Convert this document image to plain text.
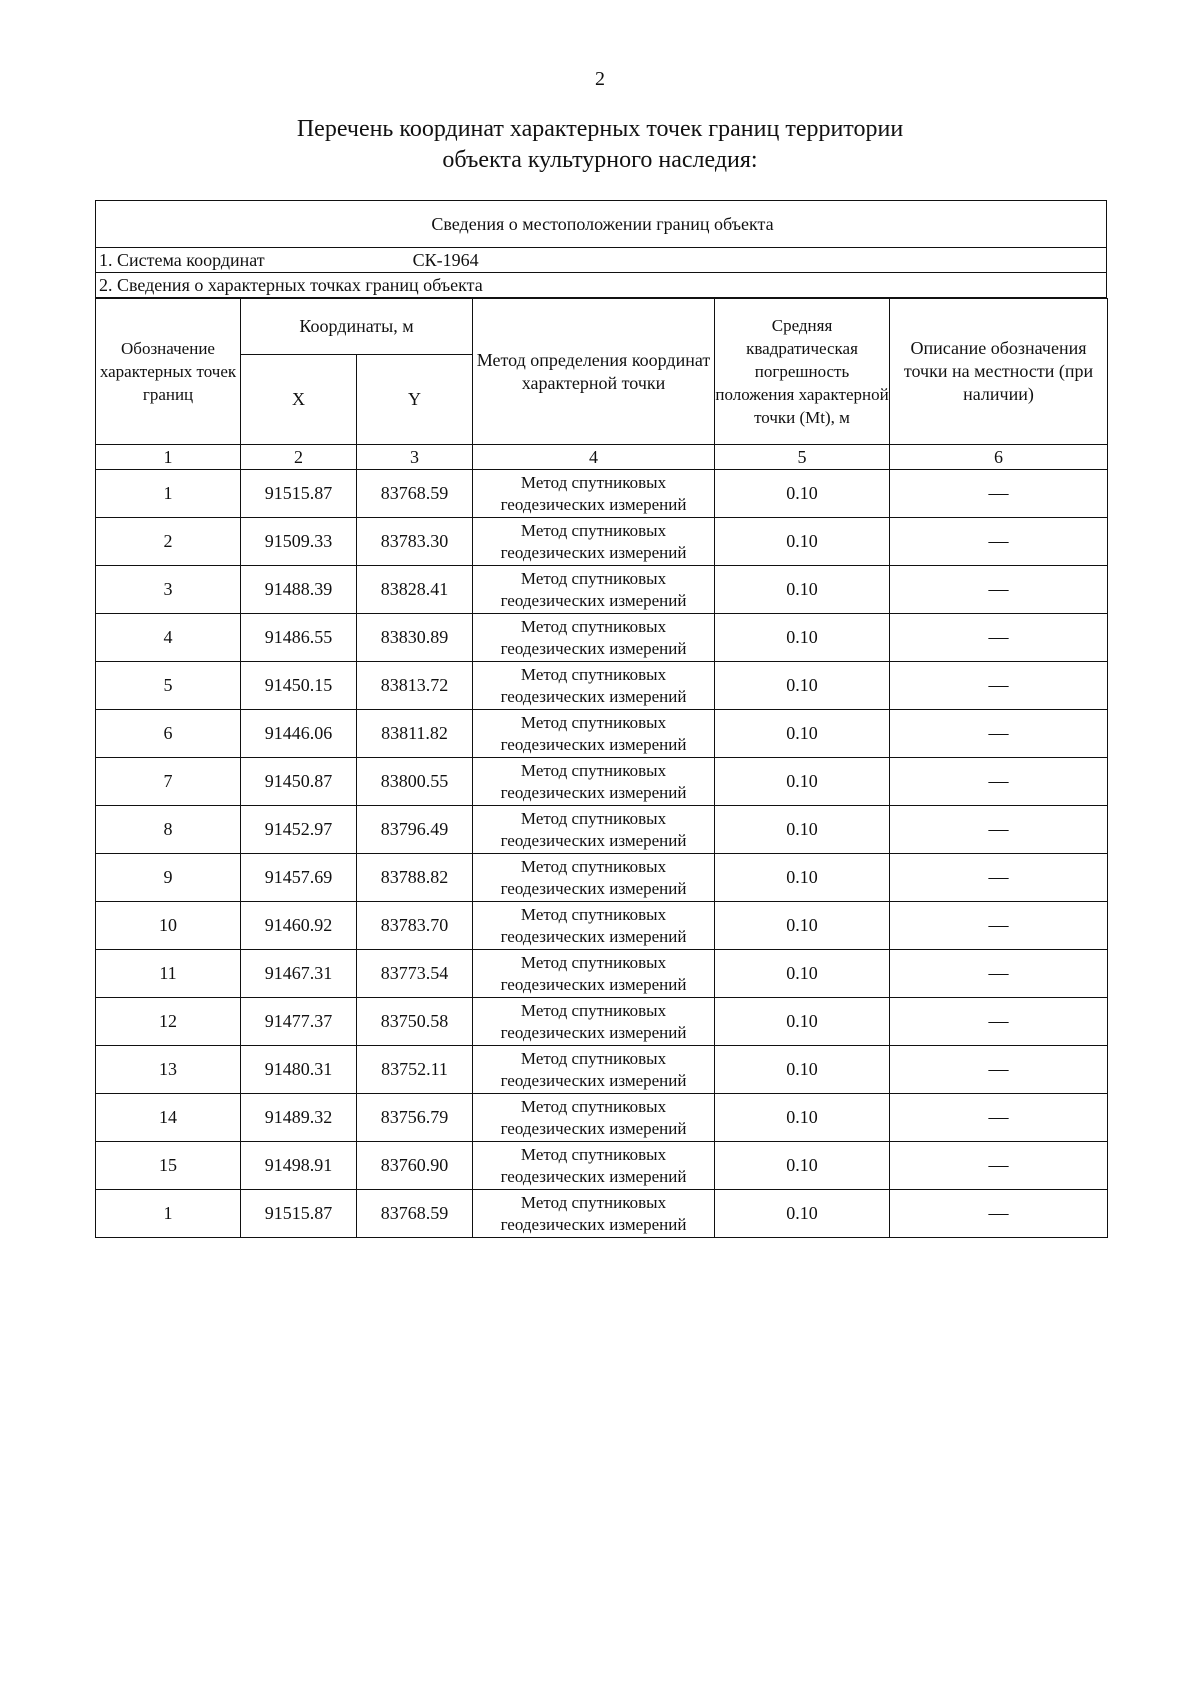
2
Перечень координат характерных точек границ территории
объекта культурного наследия:
Сведения о местоположении границ объекта
1. Система координат	СК-1964
2. Сведения о характерных точках границ объекта
Обозначение характерных точек границ	Координаты, м		Метод определения координат характерной точки	Средняя квадратическая погрешность положения характерной точки (Mt), м	Описание обозначения точки на местности (при наличии)
	X	Y			
1	2	3	4	5	6
1	91515.87	83768.59	Метод спутниковых геодезических измерений	0.10	—
2	91509.33	83783.30	Метод спутниковых геодезических измерений	0.10	—
3	91488.39	83828.41	Метод спутниковых геодезических измерений	0.10	—
4	91486.55	83830.89	Метод спутниковых геодезических измерений	0.10	—
5	91450.15	83813.72	Метод спутниковых геодезических измерений	0.10	—
6	91446.06	83811.82	Метод спутниковых геодезических измерений	0.10	—
7	91450.87	83800.55	Метод спутниковых геодезических измерений	0.10	—
8	91452.97	83796.49	Метод спутниковых геодезических измерений	0.10	—
9	91457.69	83788.82	Метод спутниковых геодезических измерений	0.10	—
10	91460.92	83783.70	Метод спутниковых геодезических измерений	0.10	—
11	91467.31	83773.54	Метод спутниковых геодезических измерений	0.10	—
12	91477.37	83750.58	Метод спутниковых геодезических измерений	0.10	—
13	91480.31	83752.11	Метод спутниковых геодезических измерений	0.10	—
14	91489.32	83756.79	Метод спутниковых геодезических измерений	0.10	—
15	91498.91	83760.90	Метод спутниковых геодезических измерений	0.10	—
1	91515.87	83768.59	Метод спутниковых геодезических измерений	0.10	—
